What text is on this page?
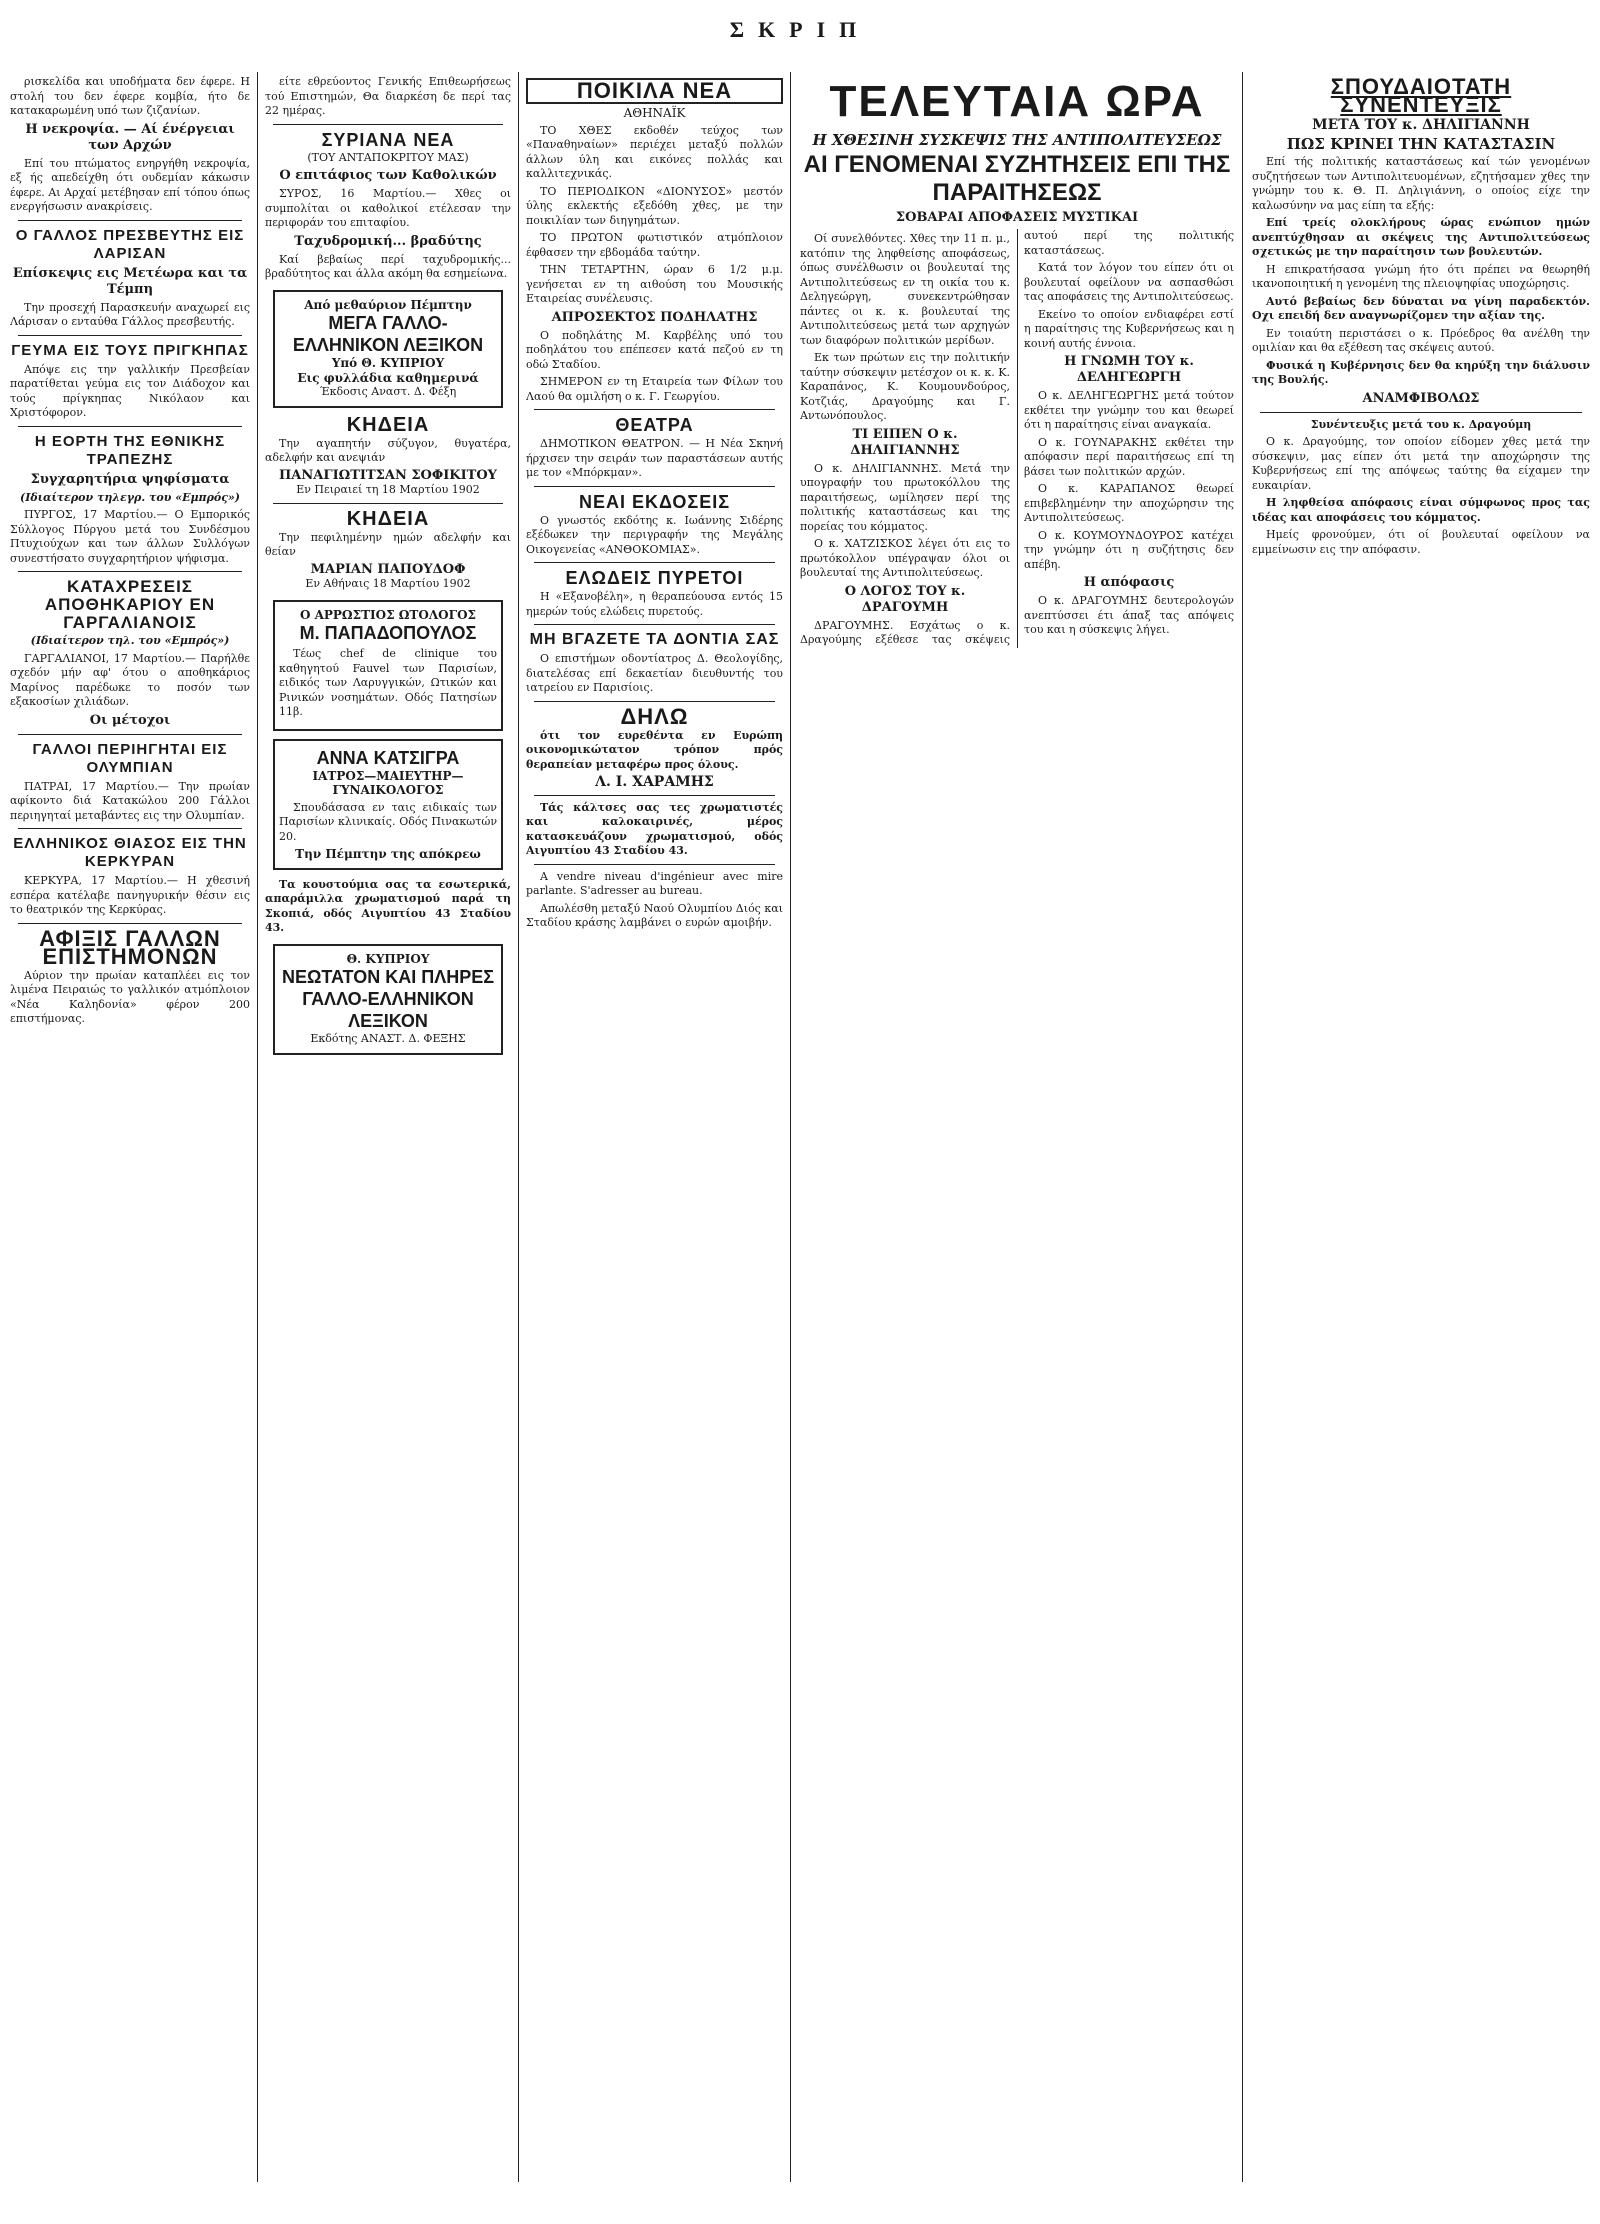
ΣΚΡΙΠ

ρισκελίδα και υποδήματα δεν έφερε. Η στολή του δεν έφερε κομβία, ήτο δε κατακαρωμένη υπό των ζιζανίων.

Η νεκροψία. — Αί ένέργειαι των Αρχών

Επί του πτώματος ενηργήθη νεκροψία, εξ ής απεδείχθη ότι ουδεμίαν κάκωσιν έφερε. Αι Αρχαί μετέβησαν επί τόπου όπως ενεργήσωσιν ανακρίσεις.

Ο ΓΑΛΛΟΣ ΠΡΕΣΒΕΥΤΗΣ ΕΙΣ ΛΑΡΙΣΑΝ
Επίσκεψις εις Μετέωρα και τα Τέμπη

Την προσεχή Παρασκευήν αναχωρεί εις Λάρισαν ο ενταύθα Γάλλος πρεσβευτής.

ΓΕΥΜΑ ΕΙΣ ΤΟΥΣ ΠΡΙΓΚΗΠΑΣ

Απόψε εις την γαλλικήν Πρεσβείαν παρατίθεται γεύμα εις τον Διάδοχον και τούς πρίγκηπας Νικόλαον και Χριστόφορον.

Η ΕΟΡΤΗ ΤΗΣ ΕΘΝΙΚΗΣ ΤΡΑΠΕΖΗΣ
Συγχαρητήρια ψηφίσματα
(Ιδιαίτερον τηλεγρ. του «Εμπρός»)

ΠΥΡΓΟΣ, 17 Μαρτίου.— Ο Εμπορικός Σύλλογος Πύργου μετά του Συνδέσμου Πτυχιούχων και των άλλων Συλλόγων συνεστήσατο συγχαρητήριον ψήφισμα.

ΚΑΤΑΧΡΕΣΕΙΣ ΑΠΟΘΗΚΑΡΙΟΥ ΕΝ ΓΑΡΓΑΛΙΑΝΟΙΣ
(Ιδιαίτερον τηλ. του «Εμπρός»)

ΓΑΡΓΑΛΙΑΝΟΙ, 17 Μαρτίου.— Παρήλθε σχεδόν μήν αφ' ότου ο αποθηκάριος Μαρίνος παρέδωκε το ποσόν των εξακοσίων χιλιάδων.

Οι μέτοχοι
ΓΑΛΛΟΙ ΠΕΡΙΗΓΗΤΑΙ ΕΙΣ ΟΛΥΜΠΙΑΝ

ΠΑΤΡΑΙ, 17 Μαρτίου.— Την πρωίαν αφίκοντο διά Κατακώλου 200 Γάλλοι περιηγηταί μεταβάντες εις την Ολυμπίαν.

ΕΛΛΗΝΙΚΟΣ ΘΙΑΣΟΣ ΕΙΣ ΤΗΝ ΚΕΡΚΥΡΑΝ

ΚΕΡΚΥΡΑ, 17 Μαρτίου.— Η χθεσινή εσπέρα κατέλαβε πανηγυρικήν θέσιν εις το θεατρικόν της Κερκύρας.

ΑΦΙΞΙΣ ΓΑΛΛΩΝ ΕΠΙΣΤΗΜΟΝΩΝ

Αύριον την πρωίαν καταπλέει εις τον λιμένα Πειραιώς το γαλλικόν ατμόπλοιον «Νέα Καληδονία» φέρον 200 επιστήμονας.

είτε εθρεύοντος Γενικής Επιθεωρήσεως τού Επιστημών, Θα διαρκέση δε περί τας 22 ημέρας.

ΣΥΡΙΑΝΑ ΝΕΑ
(ΤΟΥ ΑΝΤΑΠΟΚΡΙΤΟΥ ΜΑΣ)
Ο επιτάφιος των Καθολικών

ΣΥΡΟΣ, 16 Μαρτίου.— Χθες οι συμπολίται οι καθολικοί ετέλεσαν την περιφοράν του επιταφίου.

Ταχυδρομική... βραδύτης

Καί βεβαίως περί ταχυδρομικής... βραδύτητος και άλλα ακόμη θα εσημείωνα.

Από μεθαύριον Πέμπτην
ΜΕΓΑ ΓΑΛΛΟ-ΕΛΛΗΝΙΚΟΝ ΛΕΞΙΚΟΝ
Υπό Θ. ΚΥΠΡΙΟΥ
Εις φυλλάδια καθημερινά
Έκδοσις Αναστ. Δ. Φέξη
ΚΗΔΕΙΑ

Την αγαπητήν σύζυγον, θυγατέρα, αδελφήν και ανεψιάν

ΠΑΝΑΓΙΩΤΙΤΣΑΝ ΣΟΦΙΚΙΤΟΥ
Εν Πειραιεί τη 18 Μαρτίου 1902
ΚΗΔΕΙΑ

Την πεφιλημένην ημών αδελφήν και θείαν

ΜΑΡΙΑΝ ΠΑΠΟΥΔΟΦ
Εν Αθήναις 18 Μαρτίου 1902
Ο ΑΡΡΩΣΤΙΟΣ ΩΤΟΛΟΓΟΣ
Μ. ΠΑΠΑΔΟΠΟΥΛΟΣ

Τέως chef de clinique του καθηγητού Fauvel των Παρισίων, ειδικός των Λαρυγγικών, Ωτικών και Ρινικών νοσημάτων. Οδός Πατησίων 11β.

ΑΝΝΑ ΚΑΤΣΙΓΡΑ
ΙΑΤΡΟΣ—ΜΑΙΕΥΤΗΡ—ΓΥΝΑΙΚΟΛΟΓΟΣ

Σπουδάσασα εν ταις ειδικαίς των Παρισίων κλινικαίς. Οδός Πινακωτών 20.

Την Πέμπτην της απόκρεω

Τα κουστούμια σας τα εσωτερικά, απαράμιλλα χρωματισμού παρά τη Σκοπιά, οδός Αιγυπτίου 43 Σταδίου 43.

Θ. ΚΥΠΡΙΟΥ
ΝΕΩΤΑΤΟΝ ΚΑΙ ΠΛΗΡΕΣ ΓΑΛΛΟ-ΕΛΛΗΝΙΚΟΝ ΛΕΞΙΚΟΝ
Εκδότης ΑΝΑΣΤ. Δ. ΦΕΞΗΣ
ΠΟΙΚΙΛΑ ΝΕΑ
ΑΘΗΝΑΪΚ

ΤΟ ΧΘΕΣ εκδοθέν τεύχος των «Παναθηναίων» περιέχει μεταξύ πολλών άλλων ύλη και εικόνες πολλάς και καλλιτεχνικάς.

ΤΟ ΠΕΡΙΟΔΙΚΟΝ «ΔΙΟΝΥΣΟΣ» μεστόν ύλης εκλεκτής εξεδόθη χθες, με την ποικιλίαν των διηγημάτων.

ΤΟ ΠΡΩΤΟΝ φωτιστικόν ατμόπλοιον έφθασεν την εβδομάδα ταύτην.

ΤΗΝ ΤΕΤΑΡΤΗΝ, ώραν 6 1/2 μ.μ. γενήσεται εν τη αιθούση του Μουσικής Εταιρείας συνέλευσις.

ΑΠΡΟΣΕΚΤΟΣ ΠΟΔΗΛΑΤΗΣ

Ο ποδηλάτης Μ. Καρβέλης υπό του ποδηλάτου του επέπεσεν κατά πεζού εν τη οδώ Σταδίου.

ΣΗΜΕΡΟΝ εν τη Εταιρεία των Φίλων του Λαού θα ομιλήση ο κ. Γ. Γεωργίου.

ΘΕΑΤΡΑ

ΔΗΜΟΤΙΚΟΝ ΘΕΑΤΡΟΝ. — Η Νέα Σκηνή ήρχισεν την σειράν των παραστάσεων αυτής με τον «Μπόρκμαν».

ΝΕΑΙ ΕΚΔΟΣΕΙΣ

Ο γνωστός εκδότης κ. Ιωάννης Σιδέρης εξέδωκεν την περιγραφήν της Μεγάλης Οικογενείας «ΑΝΘΟΚΟΜΙΑΣ».

ΕΛΩΔΕΙΣ ΠΥΡΕΤΟΙ

Η «Εξανοβέλη», η θεραπεύουσα εντός 15 ημερών τούς ελώδεις πυρετούς.

ΜΗ ΒΓΑΖΕΤΕ ΤΑ ΔΟΝΤΙΑ ΣΑΣ

Ο επιστήμων οδοντίατρος Δ. Θεολογίδης, διατελέσας επί δεκαετίαν διευθυντής του ιατρείου εν Παρισίοις.

ΔΗΛΩ

ότι τον ευρεθέντα εν Ευρώπη οικονομικώτατον τρόπον πρός θεραπείαν μεταφέρω προς όλους.

Λ. Ι. ΧΑΡΑΜΗΣ

Τάς κάλτσες σας τες χρωματιστές και καλοκαιρινές, μέρος κατασκευάζουν χρωματισμού, οδός Αιγυπτίου 43 Σταδίου 43.

A vendre niveau d'ingénieur avec mire parlante. S'adresser au bureau.

Απωλέσθη μεταξύ Ναού Ολυμπίου Διός και Σταδίου κράσης λαμβάνει ο ευρών αμοιβήν.

ΤΕΛΕΥΤΑΙΑ ΩΡΑ
Η ΧΘΕΣΙΝΗ ΣΥΣΚΕΨΙΣ ΤΗΣ ΑΝΤΙΠΟΛΙΤΕΥΣΕΩΣ
ΑΙ ΓΕΝΟΜΕΝΑΙ ΣΥΖΗΤΗΣΕΙΣ ΕΠΙ ΤΗΣ ΠΑΡΑΙΤΗΣΕΩΣ
ΣΟΒΑΡΑΙ ΑΠΟΦΑΣΕΙΣ ΜΥΣΤΙΚΑΙ

Οί συνελθόντες. Χθες την 11 π. μ., κατόπιν της ληφθείσης αποφάσεως, όπως συνέλθωσιν οι βουλευταί της Αντιπολιτεύσεως εν τη οικία του κ. Δεληγεώργη, συνεκεντρώθησαν πάντες οι κ. κ. βουλευταί της Αντιπολιτεύσεως μετά των αρχηγών των διαφόρων πολιτικών μερίδων.

Εκ των πρώτων εις την πολιτικήν ταύτην σύσκεψιν μετέσχον οι κ. κ. Κ. Καραπάνος, Κ. Κουμουνδούρος, Κοτζιάς, Δραγούμης και Γ. Αντωνόπουλος.

ΤΙ ΕΙΠΕΝ Ο κ. ΔΗΛΙΓΙΑΝΝΗΣ

Ο κ. ΔΗΛΙΓΙΑΝΝΗΣ. Μετά την υπογραφήν του πρωτοκόλλου της παραιτήσεως, ωμίλησεν περί της πολιτικής καταστάσεως και της πορείας του κόμματος.

Ο κ. ΧΑΤΖΙΣΚΟΣ λέγει ότι εις το πρωτόκολλον υπέγραψαν όλοι οι βουλευταί της Αντιπολιτεύσεως.

Ο ΛΟΓΟΣ ΤΟΥ κ. ΔΡΑΓΟΥΜΗ

ΔΡΑΓΟΥΜΗΣ. Εσχάτως ο κ. Δραγούμης εξέθεσε τας σκέψεις αυτού περί της πολιτικής καταστάσεως.

Κατά τον λόγον του είπεν ότι οι βουλευταί οφείλουν να ασπασθώσι τας αποφάσεις της Αντιπολιτεύσεως.

Εκείνο το οποίον ενδιαφέρει εστί η παραίτησις της Κυβερνήσεως και η κοινή αυτής έννοια.

Η ΓΝΩΜΗ ΤΟΥ κ. ΔΕΛΗΓΕΩΡΓΗ

Ο κ. ΔΕΛΗΓΕΩΡΓΗΣ μετά τούτον εκθέτει την γνώμην του και θεωρεί ότι η παραίτησις είναι αναγκαία.

Ο κ. ΓΟΥΝΑΡΑΚΗΣ εκθέτει την απόφασιν περί παραιτήσεως επί τη βάσει των πολιτικών αρχών.

Ο κ. ΚΑΡΑΠΑΝΟΣ θεωρεί επιβεβλημένην την αποχώρησιν της Αντιπολιτεύσεως.

Ο κ. ΚΟΥΜΟΥΝΔΟΥΡΟΣ κατέχει την γνώμην ότι η συζήτησις δεν απέβη.

Η απόφασις

Ο κ. ΔΡΑΓΟΥΜΗΣ δευτερολογών ανεπτύσσει έτι άπαξ τας απόψεις του και η σύσκεψις λήγει.

ΣΠΟΥΔΑΙΟΤΑΤΗ ΣΥΝΕΝΤΕΥΞΙΣ
ΜΕΤΑ ΤΟΥ κ. ΔΗΛΙΓΙΑΝΝΗ
ΠΩΣ ΚΡΙΝΕΙ ΤΗΝ ΚΑΤΑΣΤΑΣΙΝ

Επί τής πολιτικής καταστάσεως καί τών γενομένων συζητήσεων των Αντιπολιτευομένων, εζητήσαμεν χθες την γνώμην του κ. Θ. Π. Δηλιγιάννη, ο οποίος είχε την καλωσύνην να μας είπη τα εξής:

Επί τρείς ολοκλήρους ώρας ενώπιον ημών ανεπτύχθησαν αι σκέψεις της Αντιπολιτεύσεως σχετικώς με την παραίτησιν των βουλευτών.

Η επικρατήσασα γνώμη ήτο ότι πρέπει να θεωρηθή ικανοποιητική η γενομένη της πλειοψηφίας υποχώρησις.

Αυτό βεβαίως δεν δύναται να γίνη παραδεκτόν. Οχι επειδή δεν αναγνωρίζομεν την αξίαν της.

Εν τοιαύτη περιστάσει ο κ. Πρόεδρος θα ανέλθη την ομιλίαν και θα εξέθεση τας σκέψεις αυτού.

Φυσικά η Κυβέρνησις δεν θα κηρύξη την διάλυσιν της Βουλής.

ΑΝΑΜΦΙΒΟΛΩΣ

Συνέντευξις μετά του κ. Δραγούμη

Ο κ. Δραγούμης, τον οποίον είδομεν χθες μετά την σύσκεψιν, μας είπεν ότι μετά την αποχώρησιν της Κυβερνήσεως επί της απόψεως ταύτης θα είχαμεν την ευκαιρίαν.

Η ληφθείσα απόφασις είναι σύμφωνος προς τας ιδέας και αποφάσεις του κόμματος.

Ημείς φρονούμεν, ότι οί βουλευταί οφείλουν να εμμείνωσιν εις την απόφασιν.
